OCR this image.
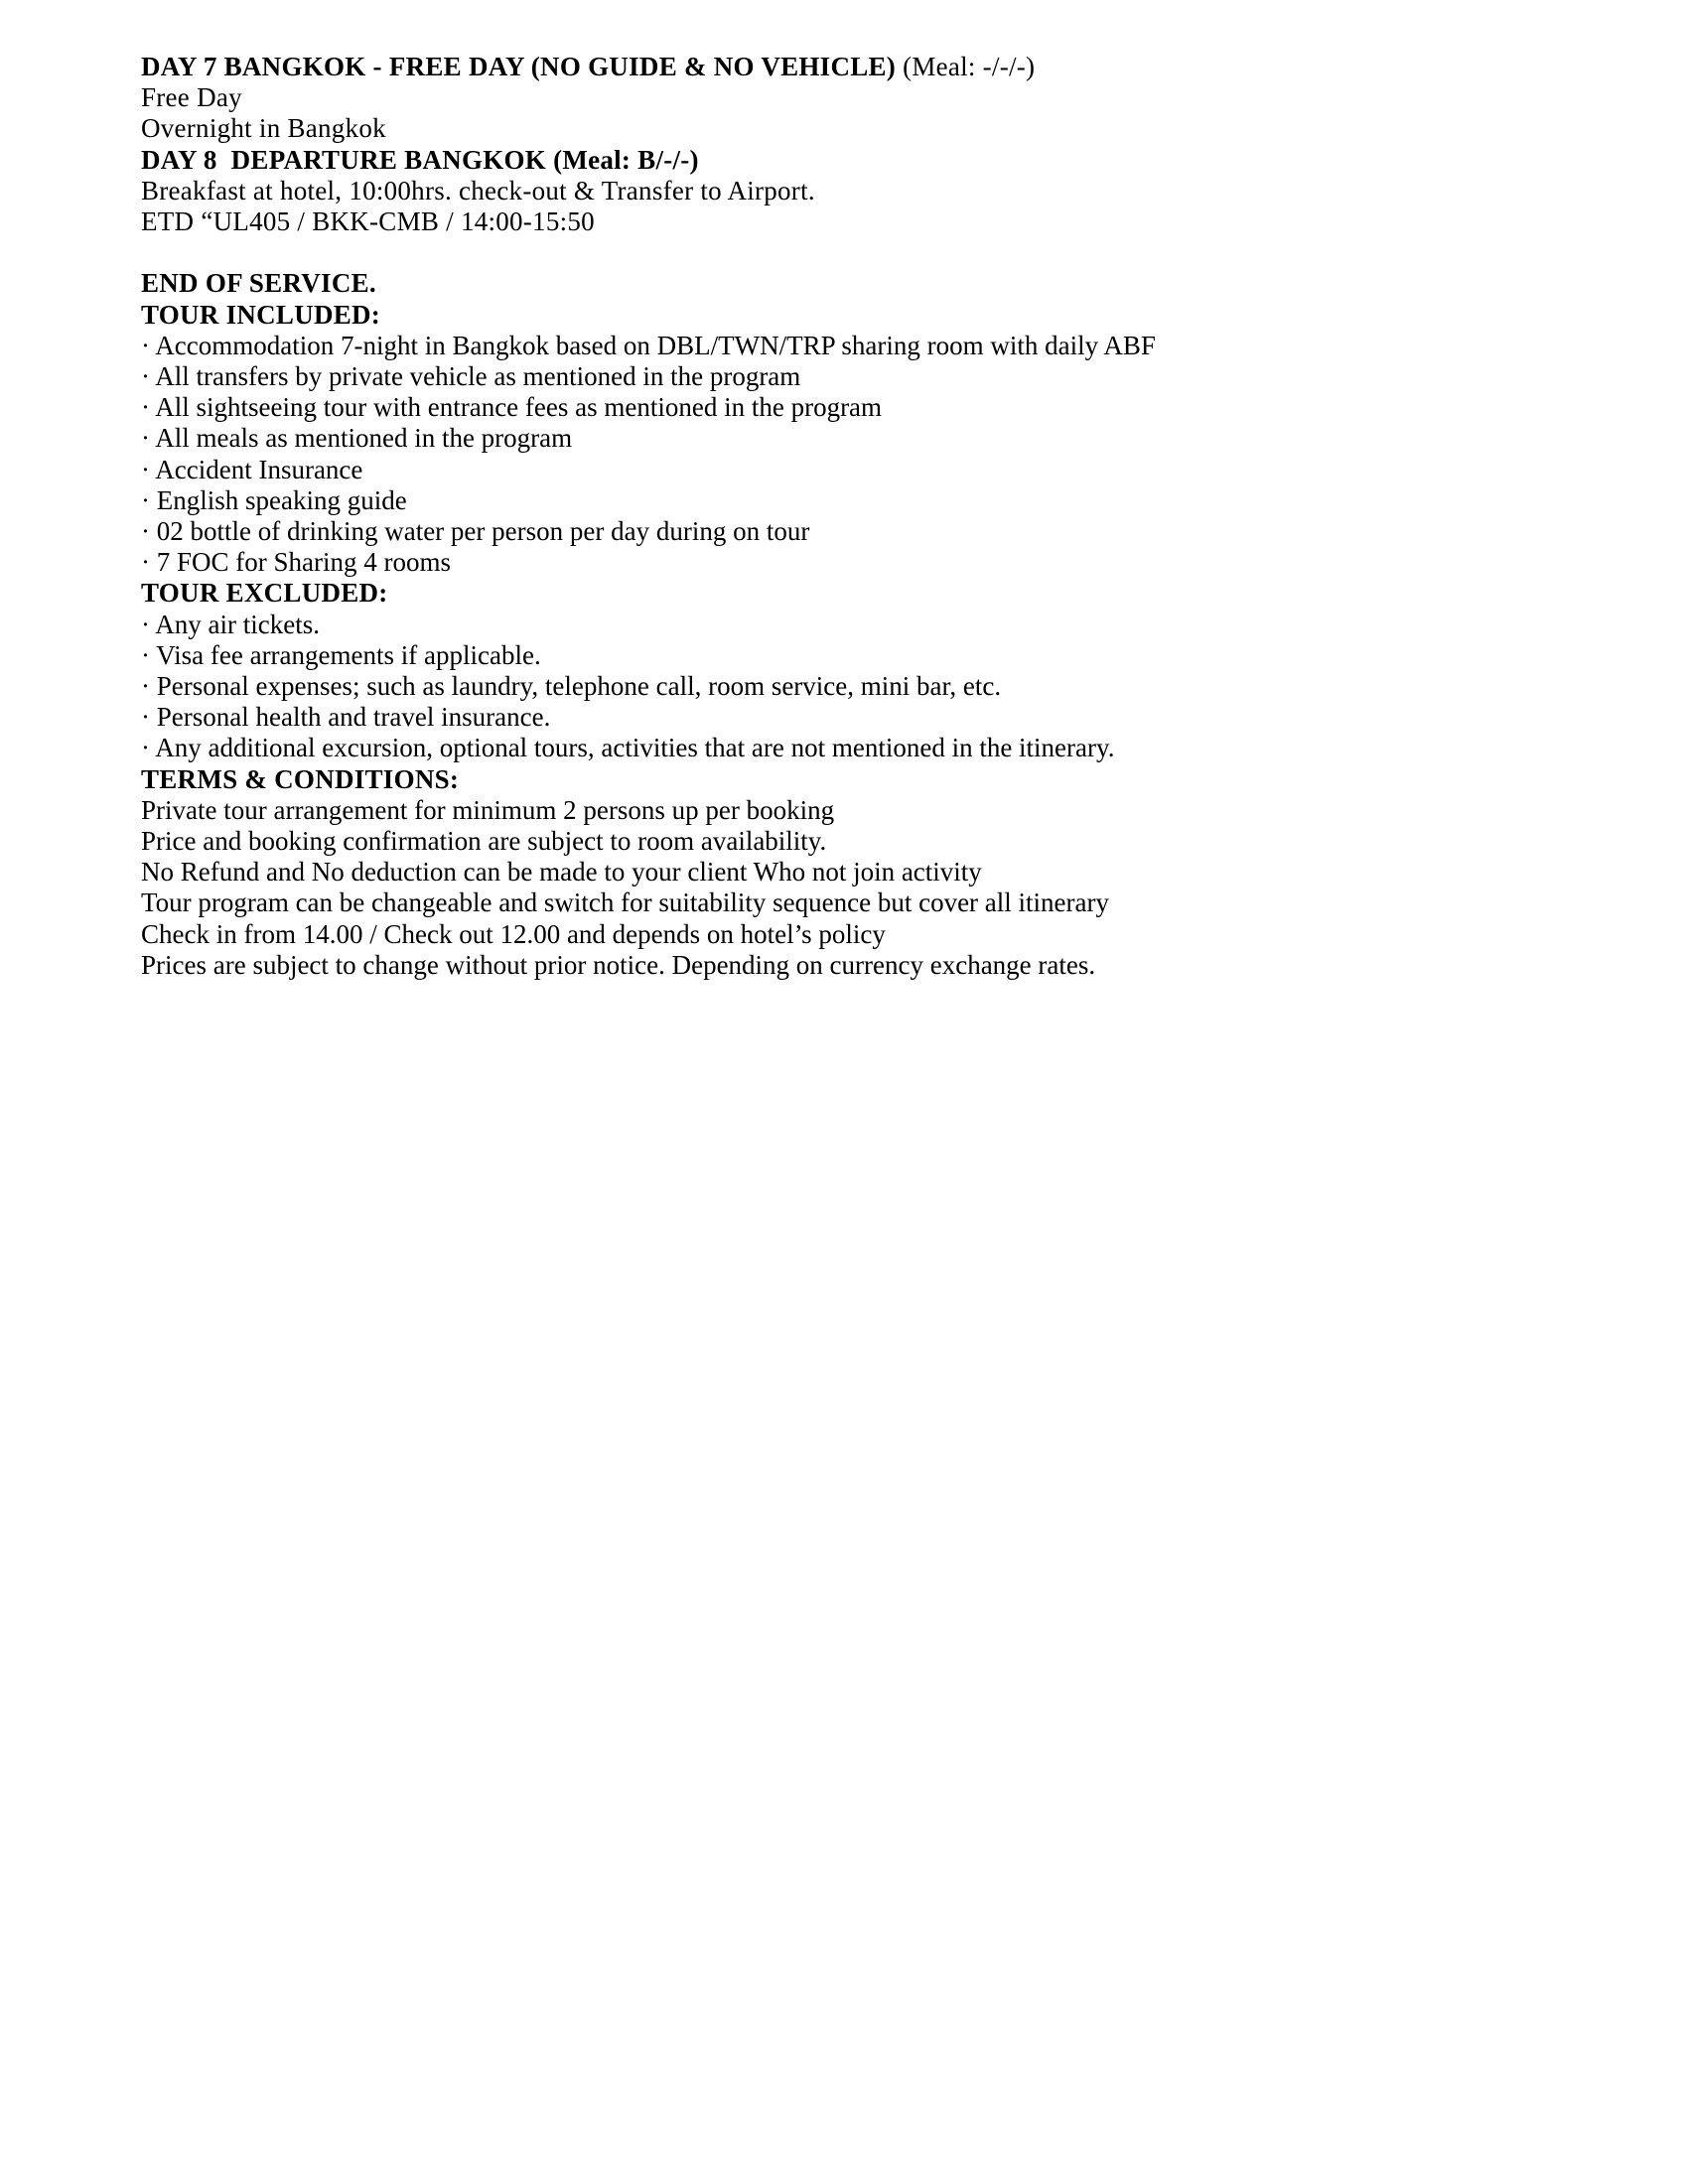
DAY 7 BANGKOK - FREE DAY (NO GUIDE & NO VEHICLE) (Meal: -/-/-)
Free Day
Overnight in Bangkok
DAY 8  DEPARTURE BANGKOK (Meal: B/-/-)
Breakfast at hotel, 10:00hrs. check-out & Transfer to Airport.
ETD “UL405 / BKK-CMB / 14:00-15:50
END OF SERVICE.
TOUR INCLUDED:
· Accommodation 7-night in Bangkok based on DBL/TWN/TRP sharing room with daily ABF
· All transfers by private vehicle as mentioned in the program
· All sightseeing tour with entrance fees as mentioned in the program
· All meals as mentioned in the program
· Accident Insurance
· English speaking guide
· 02 bottle of drinking water per person per day during on tour
· 7 FOC for Sharing 4 rooms
TOUR EXCLUDED:
· Any air tickets.
· Visa fee arrangements if applicable.
· Personal expenses; such as laundry, telephone call, room service, mini bar, etc.
· Personal health and travel insurance.
· Any additional excursion, optional tours, activities that are not mentioned in the itinerary.
TERMS & CONDITIONS:
Private tour arrangement for minimum 2 persons up per booking
Price and booking confirmation are subject to room availability.
No Refund and No deduction can be made to your client Who not join activity
Tour program can be changeable and switch for suitability sequence but cover all itinerary
Check in from 14.00 / Check out 12.00 and depends on hotel’s policy
Prices are subject to change without prior notice. Depending on currency exchange rates.
